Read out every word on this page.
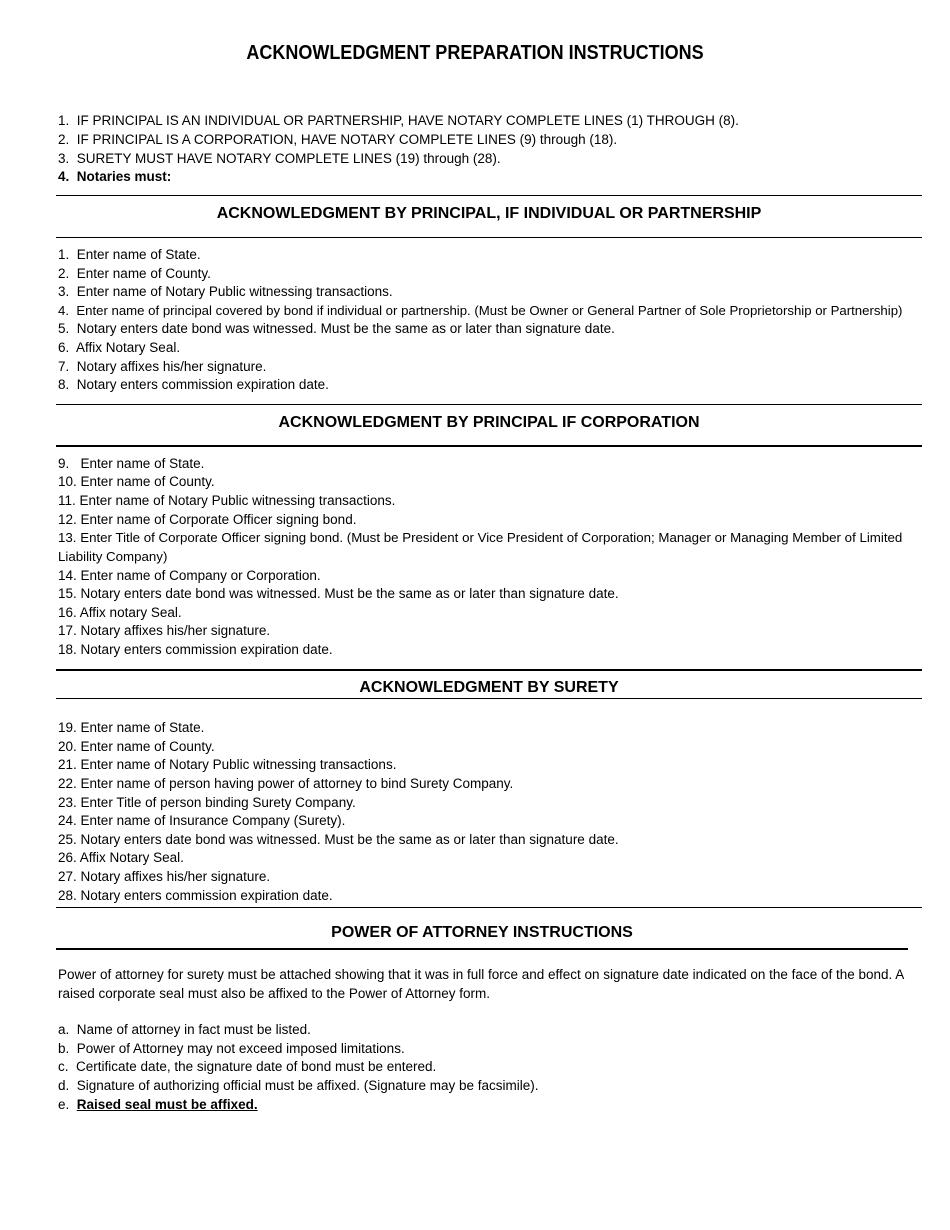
ACKNOWLEDGMENT PREPARATION INSTRUCTIONS
1. IF PRINCIPAL IS AN INDIVIDUAL OR PARTNERSHIP, HAVE NOTARY COMPLETE LINES (1) THROUGH (8).
2. IF PRINCIPAL IS A CORPORATION, HAVE NOTARY COMPLETE LINES (9) through (18).
3. SURETY MUST HAVE NOTARY COMPLETE LINES (19) through (28).
4. Notaries must:
ACKNOWLEDGMENT BY PRINCIPAL, IF INDIVIDUAL OR PARTNERSHIP
1. Enter name of State.
2. Enter name of County.
3. Enter name of Notary Public witnessing transactions.
4. Enter name of principal covered by bond if individual or partnership. (Must be Owner or General Partner of Sole Proprietorship or Partnership)
5. Notary enters date bond was witnessed. Must be the same as or later than signature date.
6. Affix Notary Seal.
7. Notary affixes his/her signature.
8. Notary enters commission expiration date.
ACKNOWLEDGMENT BY PRINCIPAL IF CORPORATION
9. Enter name of State.
10. Enter name of County.
11. Enter name of Notary Public witnessing transactions.
12. Enter name of Corporate Officer signing bond.
13. Enter Title of Corporate Officer signing bond. (Must be President or Vice President of Corporation; Manager or Managing Member of Limited Liability Company)
14. Enter name of Company or Corporation.
15. Notary enters date bond was witnessed. Must be the same as or later than signature date.
16. Affix notary Seal.
17. Notary affixes his/her signature.
18. Notary enters commission expiration date.
ACKNOWLEDGMENT BY SURETY
19. Enter name of State.
20. Enter name of County.
21. Enter name of Notary Public witnessing transactions.
22. Enter name of person having power of attorney to bind Surety Company.
23. Enter Title of person binding Surety Company.
24. Enter name of Insurance Company (Surety).
25. Notary enters date bond was witnessed. Must be the same as or later than signature date.
26. Affix Notary Seal.
27. Notary affixes his/her signature.
28. Notary enters commission expiration date.
POWER OF ATTORNEY INSTRUCTIONS
Power of attorney for surety must be attached showing that it was in full force and effect on signature date indicated on the face of the bond. A raised corporate seal must also be affixed to the Power of Attorney form.
a. Name of attorney in fact must be listed.
b. Power of Attorney may not exceed imposed limitations.
c. Certificate date, the signature date of bond must be entered.
d. Signature of authorizing official must be affixed. (Signature may be facsimile).
e. Raised seal must be affixed.
